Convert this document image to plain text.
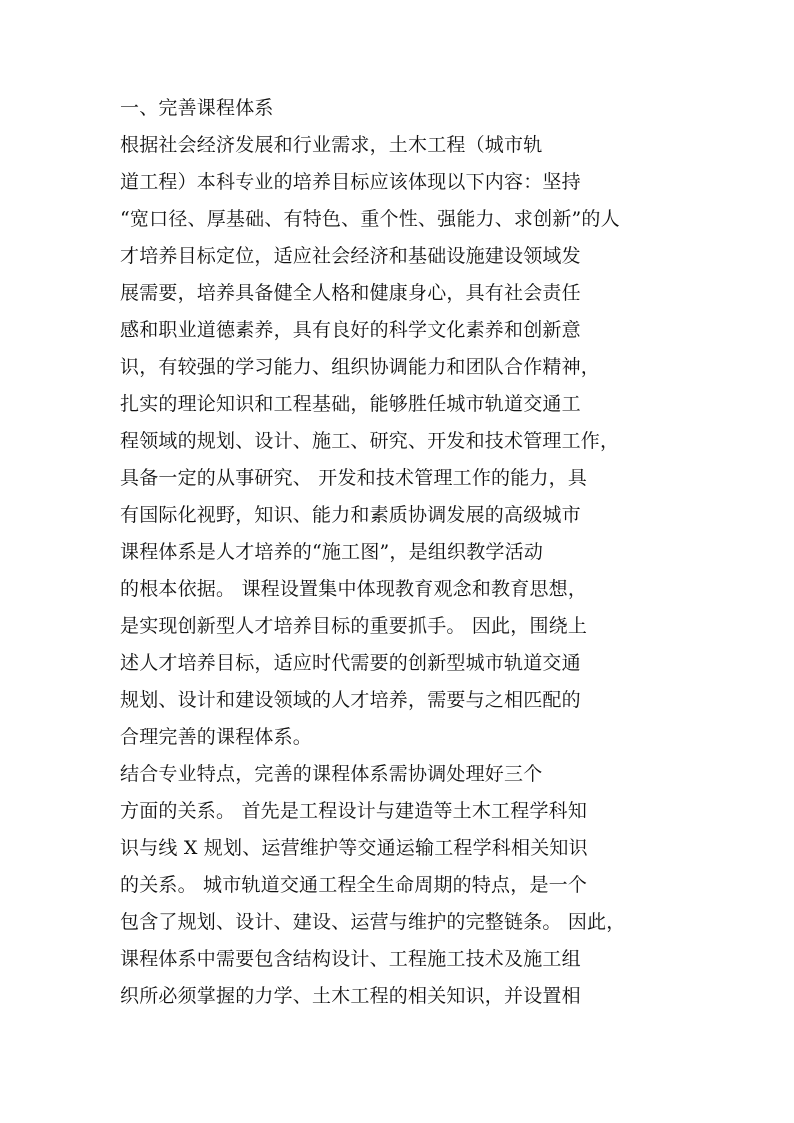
一、完善课程体系
根据社会经济发展和行业需求，土木工程（城市轨
道工程）本科专业的培养目标应该体现以下内容：坚持
“宽口径、厚基础、有特色、重个性、强能力、求创新”的人
才培养目标定位，适应社会经济和基础设施建设领域发
展需要，培养具备健全人格和健康身心，具有社会责任
感和职业道德素养，具有良好的科学文化素养和创新意
识，有较强的学习能力、组织协调能力和团队合作精神，
扎实的理论知识和工程基础，能够胜任城市轨道交通工
程领域的规划、设计、施工、研究、开发和技术管理工作，
具备一定的从事研究、 开发和技术管理工作的能力，具
有国际化视野，知识、能力和素质协调发展的高级城市
课程体系是人才培养的“施工图”，是组织教学活动
的根本依据。 课程设置集中体现教育观念和教育思想，
是实现创新型人才培养目标的重要抓手。 因此，围绕上
述人才培养目标，适应时代需要的创新型城市轨道交通
规划、设计和建设领域的人才培养，需要与之相匹配的
合理完善的课程体系。
结合专业特点，完善的课程体系需协调处理好三个
方面的关系。 首先是工程设计与建造等土木工程学科知
识与线 X 规划、运营维护等交通运输工程学科相关知识
的关系。 城市轨道交通工程全生命周期的特点，是一个
包含了规划、设计、建设、运营与维护的完整链条。 因此，
课程体系中需要包含结构设计、工程施工技术及施工组
织所必须掌握的力学、土木工程的相关知识，并设置相
